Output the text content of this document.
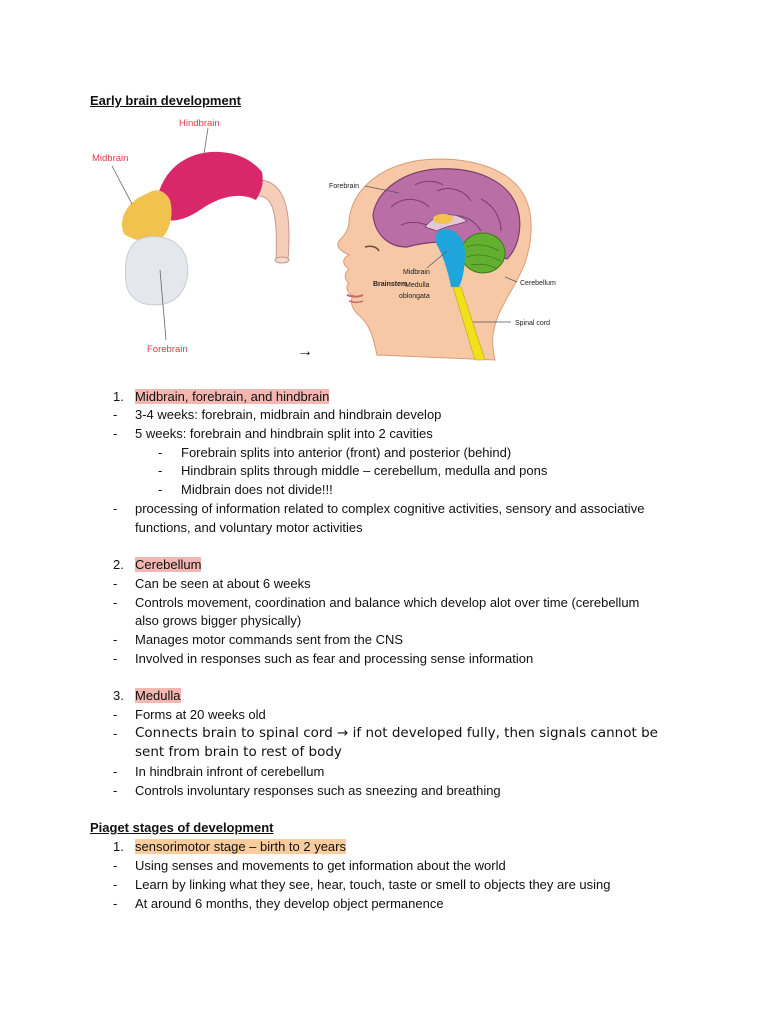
Early brain development
Hindbrain
Midbrain
Forebrain	→
Forebrain
Brainstem
Midbrain
Medulla
oblongata
Cerebellum
Spinal cord
1. Midbrain, forebrain, and hindbrain
- 3-4 weeks: forebrain, midbrain and hindbrain develop
- 5 weeks: forebrain and hindbrain split into 2 cavities
- Forebrain splits into anterior (front) and posterior (behind)
- Hindbrain splits through middle – cerebellum, medulla and pons
- Midbrain does not divide!!!
- processing of information related to complex cognitive activities, sensory and associative
functions, and voluntary motor activities
2. Cerebellum
- Can be seen at about 6 weeks
- Controls movement, coordination and balance which develop alot over time (cerebellum
also grows bigger physically)
- Manages motor commands sent from the CNS
- Involved in responses such as fear and processing sense information
3. Medulla
- Forms at 20 weeks old
- Connects brain to spinal cord → if not developed fully, then signals cannot be
sent from brain to rest of body
- In hindbrain infront of cerebellum
- Controls involuntary responses such as sneezing and breathing
Piaget stages of development
1. sensorimotor stage – birth to 2 years
- Using senses and movements to get information about the world
- Learn by linking what they see, hear, touch, taste or smell to objects they are using
- At around 6 months, they develop object permanence
